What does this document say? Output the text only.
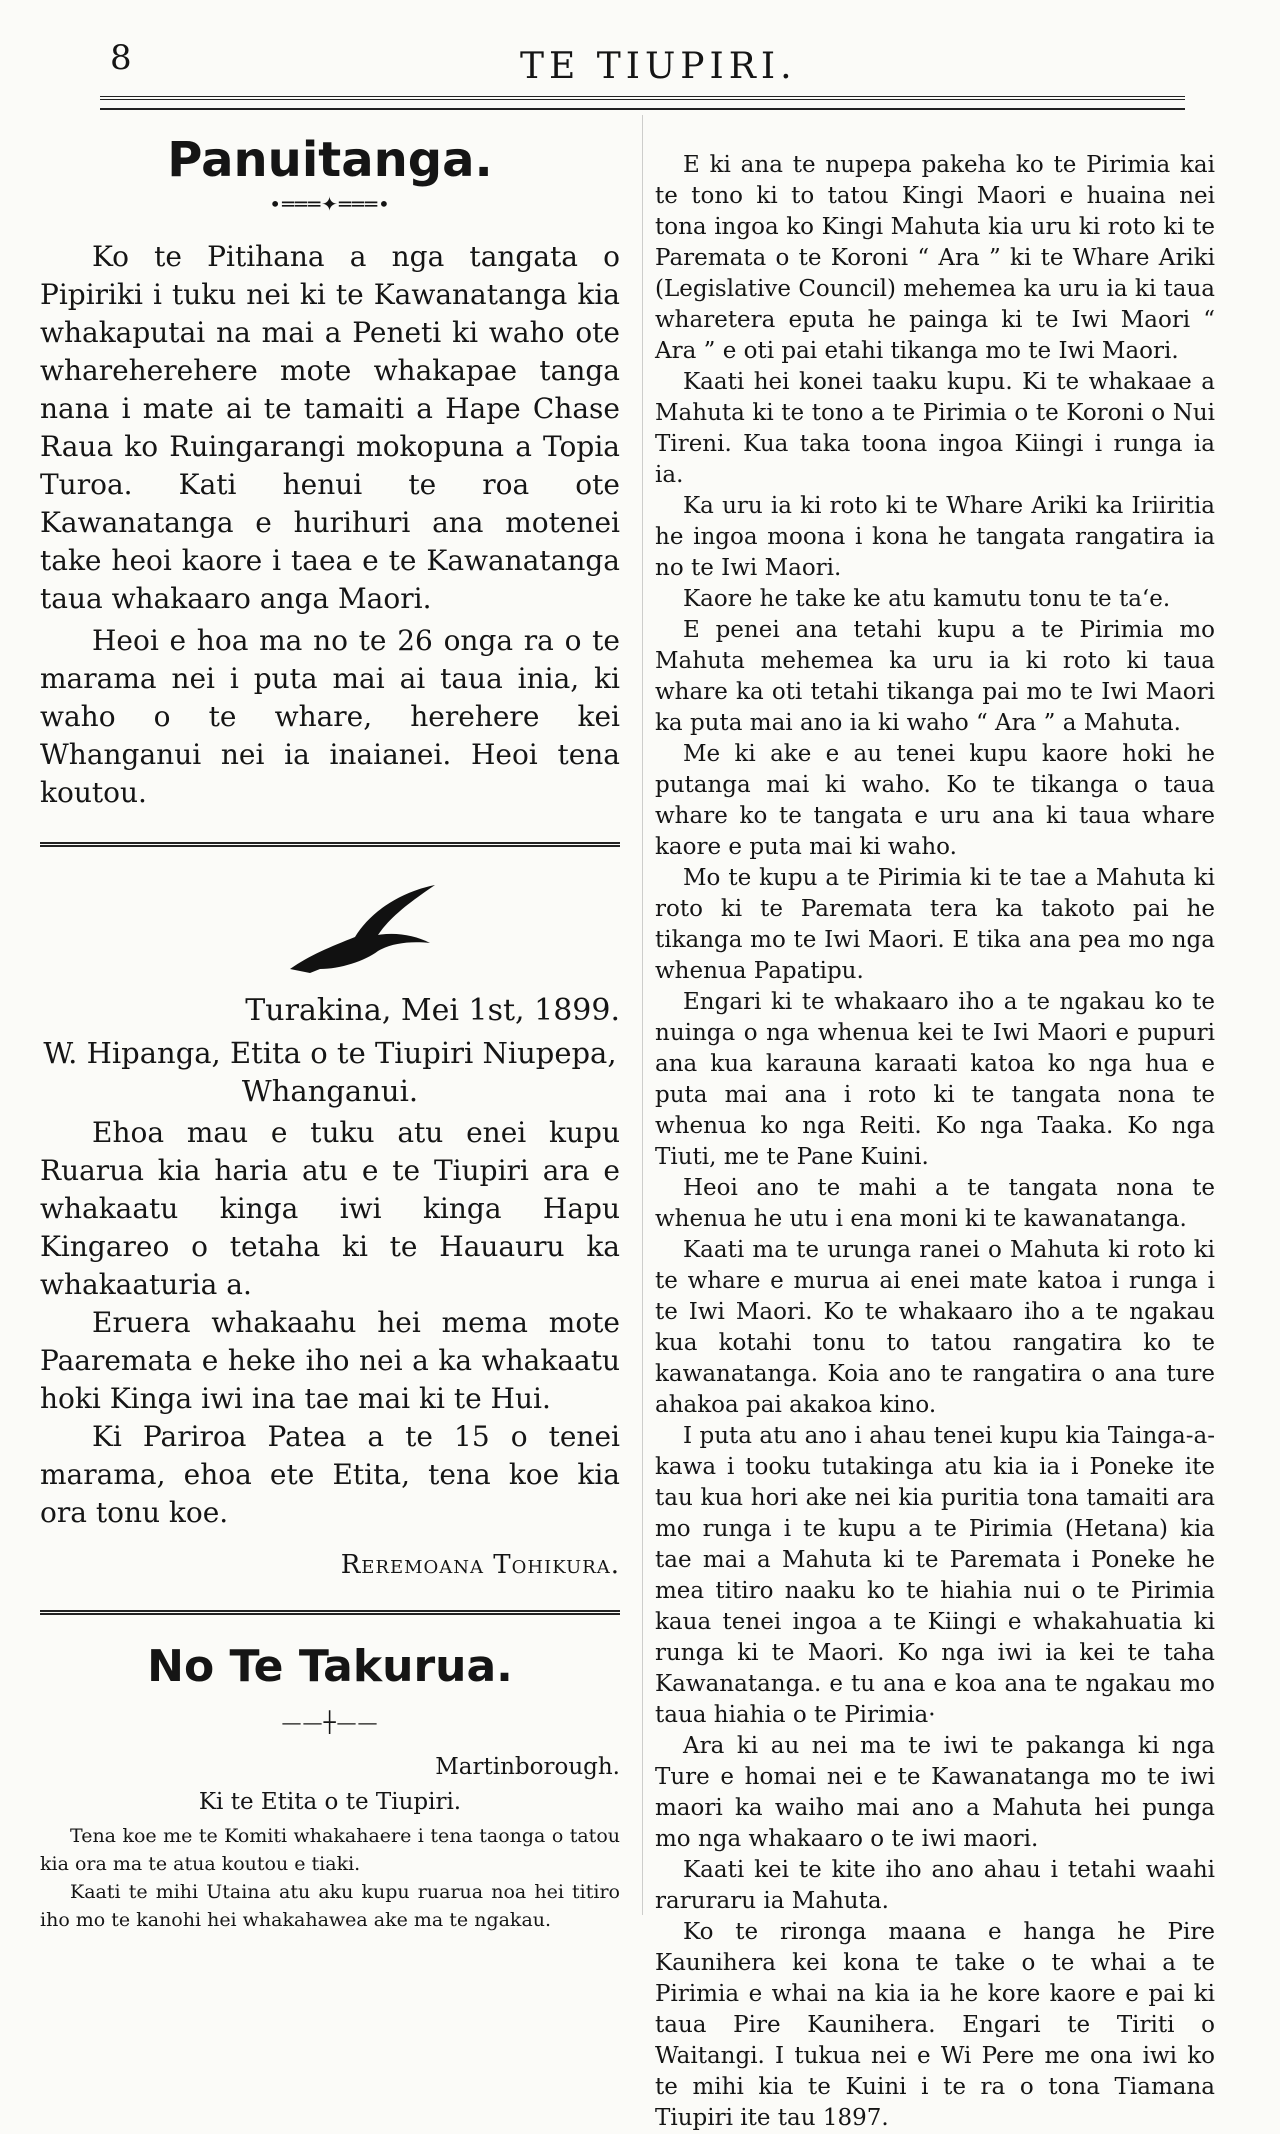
8	TE TIUPIRI.
Panuitanga.

•═══✦═══•

Ko te Pitihana a nga tangata o Pipiriki i tuku nei ki te Kawanatanga kia whakaputai na mai a Peneti ki waho ote whareherehere mote whakapae tanga nana i mate ai te tamaiti a Hape Chase Raua ko Ruingarangi mokopuna a Topia Turoa. Kati henui te roa ote Kawanatanga e hurihuri ana motenei take heoi kaore i taea e te Kawanatanga taua whakaaro anga Maori.

Heoi e hoa ma no te 26 onga ra o te marama nei i puta mai ai taua inia, ki waho o te whare, herehere kei Whanganui nei ia inaianei. Heoi tena koutou.

Turakina, Mei 1st, 1899.

W. Hipanga, Etita o te Tiupiri Niupepa, Whanganui.

Ehoa mau e tuku atu enei kupu Ruarua kia haria atu e te Tiupiri ara e whakaatu kinga iwi kinga Hapu Kingareo o tetaha ki te Hauauru ka whakaaturia a.

Eruera whakaahu hei mema mote Paaremata e heke iho nei a ka whakaatu hoki Kinga iwi ina tae mai ki te Hui.

Ki Pariroa Patea a te 15 o tenei marama, ehoa ete Etita, tena koe kia ora tonu koe.

Reremoana Tohikura.

No Te Takurua.

——┼——

Martinborough.

Ki te Etita o te Tiupiri.

Tena koe me te Komiti whakahaere i tena taonga o tatou kia ora ma te atua koutou e tiaki.

Kaati te mihi Utaina atu aku kupu ruarua noa hei titiro iho mo te kanohi hei whakahawea ake ma te ngakau.

E ki ana te nupepa pakeha ko te Pirimia kai te tono ki to tatou Kingi Maori e huaina nei tona ingoa ko Kingi Mahuta kia uru ki roto ki te Paremata o te Koroni “ Ara ” ki te Whare Ariki (Legislative Council) mehemea ka uru ia ki taua wharetera eputa he painga ki te Iwi Maori “ Ara ” e oti pai etahi tikanga mo te Iwi Maori.

Kaati hei konei taaku kupu. Ki te whakaae a Mahuta ki te tono a te Pirimia o te Koroni o Nui Tireni. Kua taka toona ingoa Kiingi i runga ia ia.

Ka uru ia ki roto ki te Whare Ariki ka Iriiritia he ingoa moona i kona he tangata rangatira ia no te Iwi Maori.

Kaore he take ke atu kamutu tonu te taʻe.

E penei ana tetahi kupu a te Pirimia mo Mahuta mehemea ka uru ia ki roto ki taua whare ka oti tetahi tikanga pai mo te Iwi Maori ka puta mai ano ia ki waho “ Ara ” a Mahuta.

Me ki ake e au tenei kupu kaore hoki he putanga mai ki waho. Ko te tikanga o taua whare ko te tangata e uru ana ki taua whare kaore e puta mai ki waho.

Mo te kupu a te Pirimia ki te tae a Mahuta ki roto ki te Paremata tera ka takoto pai he tikanga mo te Iwi Maori. E tika ana pea mo nga whenua Papatipu.

Engari ki te whakaaro iho a te ngakau ko te nuinga o nga whenua kei te Iwi Maori e pupuri ana kua karauna karaati katoa ko nga hua e puta mai ana i roto ki te tangata nona te whenua ko nga Reiti. Ko nga Taaka. Ko nga Tiuti, me te Pane Kuini.

Heoi ano te mahi a te tangata nona te whenua he utu i ena moni ki te kawanatanga.

Kaati ma te urunga ranei o Mahuta ki roto ki te whare e murua ai enei mate katoa i runga i te Iwi Maori. Ko te whakaaro iho a te ngakau kua kotahi tonu to tatou rangatira ko te kawanatanga. Koia ano te rangatira o ana ture ahakoa pai akakoa kino.

I puta atu ano i ahau tenei kupu kia Tainga-a-kawa i tooku tutakinga atu kia ia i Poneke ite tau kua hori ake nei kia puritia tona tamaiti ara mo runga i te kupu a te Pirimia (Hetana) kia tae mai a Mahuta ki te Paremata i Poneke he mea titiro naaku ko te hiahia nui o te Pirimia kaua tenei ingoa a te Kiingi e whakahuatia ki runga ki te Maori. Ko nga iwi ia kei te taha Kawanatanga. e tu ana e koa ana te ngakau mo taua hiahia o te Pirimia·

Ara ki au nei ma te iwi te pakanga ki nga Ture e homai nei e te Kawanatanga mo te iwi maori ka waiho mai ano a Mahuta hei punga mo nga whakaaro o te iwi maori.

Kaati kei te kite iho ano ahau i tetahi waahi raruraru ia Mahuta.

Ko te rironga maana e hanga he Pire Kaunihera kei kona te take o te whai a te Pirimia e whai na kia ia he kore kaore e pai ki taua Pire Kaunihera. Engari te Tiriti o Waitangi. I tukua nei e Wi Pere me ona iwi ko te mihi kia te Kuini i te ra o tona Tiamana Tiupiri ite tau 1897.
